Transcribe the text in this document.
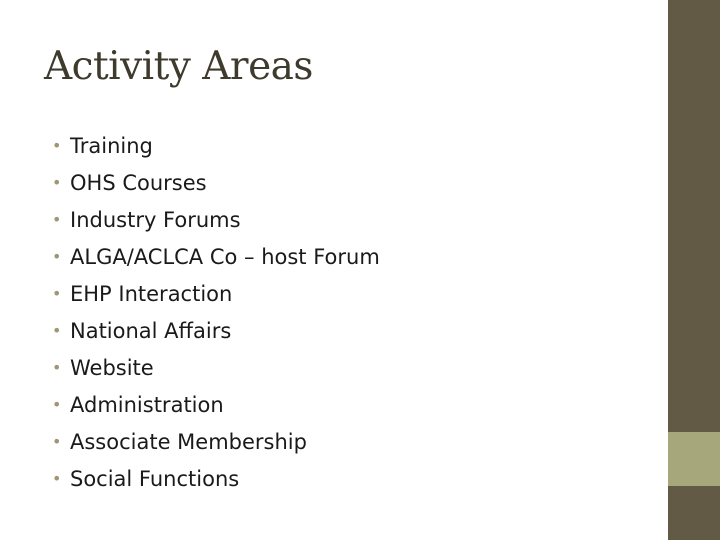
Activity Areas
• Training
• OHS Courses
• Industry Forums
• ALGA/ACLCA Co – host Forum
• EHP Interaction
• National Affairs
• Website
• Administration
• Associate Membership
• Social Functions
